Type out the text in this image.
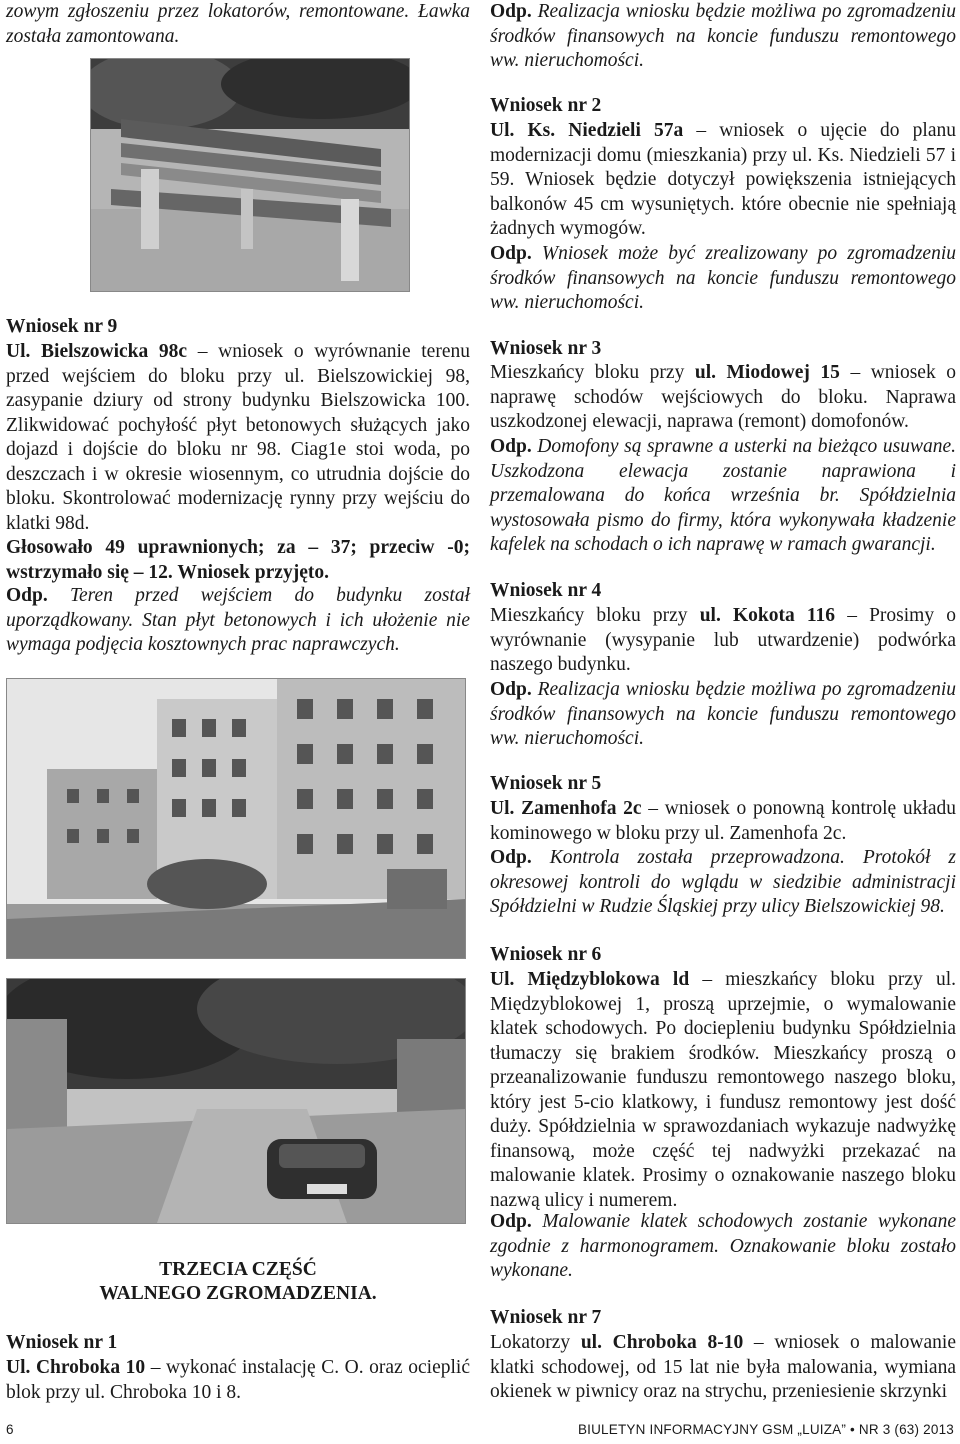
zowym zgłoszeniu przez lokatorów, remontowane. Ławka została zamontowana.

Wniosek nr 9

Ul. Bielszowicka 98c – wniosek o wyrównanie terenu przed wejściem do bloku przy ul. Bielszowickiej 98, zasypanie dziury od strony budynku Bielszowicka 100. Zlikwidować pochyłość płyt betonowych służących jako dojazd i dojście do bloku nr 98. Ciag1e stoi woda, po deszczach i w okresie wiosennym, co utrudnia dojście do bloku. Skontrolować modernizację rynny przy wejściu do klatki 98d.

Głosowało 49 uprawnionych; za – 37; przeciw -0; wstrzymało się – 12. Wniosek przyjęto.

Odp. Teren przed wejściem do budynku został uporządkowany. Stan płyt betonowych i ich ułożenie nie wymaga podjęcia kosztownych prac naprawczych.

TRZECIA CZĘŚĆ

WALNEGO ZGROMADZENIA.

Wniosek nr 1

Ul. Chroboka 10 – wykonać instalację C. O. oraz ocieplić blok przy ul. Chroboka 10 i 8.

Odp. Realizacja wniosku będzie możliwa po zgromadzeniu środków finansowych na koncie funduszu remontowego ww. nieruchomości.

Wniosek nr 2

Ul. Ks. Niedzieli 57a – wniosek o ujęcie do planu modernizacji domu (mieszkania) przy ul. Ks. Niedzieli 57 i 59. Wniosek będzie dotyczył powiększenia istniejących balkonów 45 cm wysuniętych. które obecnie nie spełniają żadnych wymogów.

Odp. Wniosek może być zrealizowany po zgromadzeniu środków finansowych na koncie funduszu remontowego ww. nieruchomości.

Wniosek nr 3

Mieszkańcy bloku przy ul. Miodowej 15 – wniosek o naprawę schodów wejściowych do bloku. Naprawa uszkodzonej elewacji, naprawa (remont) domofonów.

Odp. Domofony są sprawne a usterki na bieżąco usuwane. Uszkodzona elewacja zostanie naprawiona i przemalowana do końca września br. Spółdzielnia wystosowała pismo do firmy, która wykonywała kładzenie kafelek na schodach o ich naprawę w ramach gwarancji.

Wniosek nr 4

Mieszkańcy bloku przy ul. Kokota 116 – Prosimy o wyrównanie (wysypanie lub utwardzenie) podwórka naszego budynku.

Odp. Realizacja wniosku będzie możliwa po zgromadzeniu środków finansowych na koncie funduszu remontowego ww. nieruchomości.

Wniosek nr 5

Ul. Zamenhofa 2c – wniosek o ponowną kontrolę układu kominowego w bloku przy ul. Zamenhofa 2c.

Odp. Kontrola została przeprowadzona. Protokół z okresowej kontroli do wglądu w siedzibie administracji Spółdzielni w Rudzie Śląskiej przy ulicy Bielszowickiej 98.

Wniosek nr 6

Ul. Międzyblokowa ld – mieszkańcy bloku przy ul. Międzyblokowej 1, proszą uprzejmie, o wymalowanie klatek schodowych. Po dociepleniu budynku Spółdzielnia tłumaczy się brakiem środków. Mieszkańcy proszą o przeanalizowanie funduszu remontowego naszego bloku, który jest 5-cio klatkowy, i fundusz remontowy jest dość duży. Spółdzielnia w sprawozdaniach wykazuje nadwyżkę finansową, może część tej nadwyżki przekazać na malowanie klatek. Prosimy o oznakowanie naszego bloku nazwą ulicy i numerem.

Odp. Malowanie klatek schodowych zostanie wykonane zgodnie z harmonogramem. Oznakowanie bloku zostało wykonane.

Wniosek nr 7

Lokatorzy ul. Chroboka 8-10 – wniosek o malowanie klatki schodowej, od 15 lat nie była malowania, wymiana okienek w piwnicy oraz na strychu, przeniesienie skrzynki

6	BIULETYN INFORMACYJNY GSM „LUIZA” • NR 3 (63) 2013
